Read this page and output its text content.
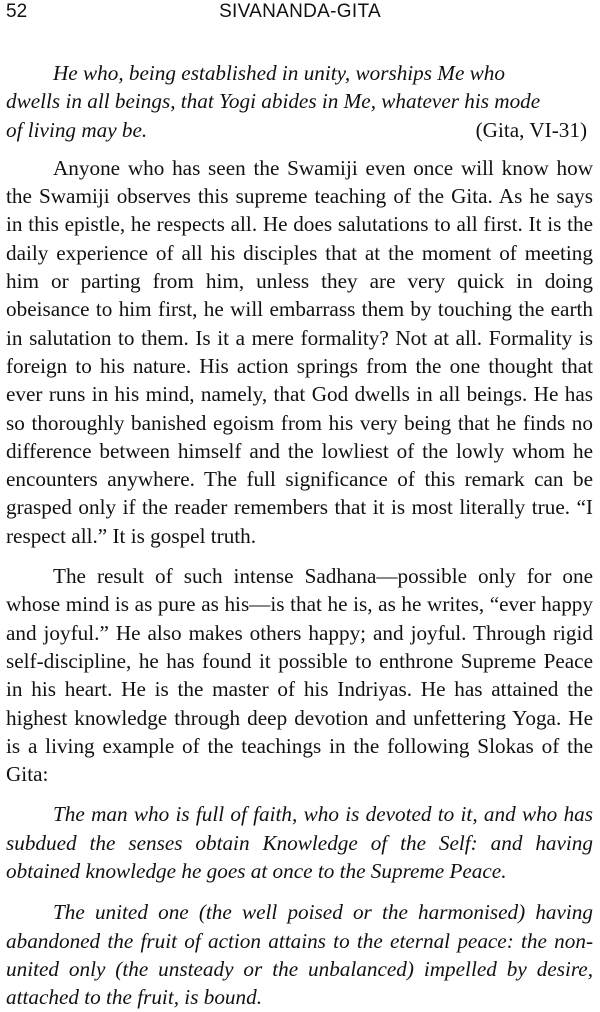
52	SIVANANDA-GITA
He who, being established in unity, worships Me who
dwells in all beings, that Yogi abides in Me, whatever his mode
of living may be.	(Gita, VI-31)

Anyone who has seen the Swamiji even once will know how the Swamiji observes this supreme teaching of the Gita. As he says in this epistle, he respects all. He does salutations to all first. It is the daily experience of all his disciples that at the moment of meeting him or parting from him, unless they are very quick in doing obeisance to him first, he will embarrass them by touching the earth in salutation to them. Is it a mere formality? Not at all. Formality is foreign to his nature. His action springs from the one thought that ever runs in his mind, namely, that God dwells in all beings. He has so thoroughly banished egoism from his very being that he finds no difference between himself and the lowliest of the lowly whom he encounters anywhere. The full significance of this remark can be grasped only if the reader remembers that it is most literally true. “I respect all.” It is gospel truth.

The result of such intense Sadhana—possible only for one whose mind is as pure as his—is that he is, as he writes, “ever happy and joyful.” He also makes others happy; and joyful. Through rigid self-discipline, he has found it possible to enthrone Supreme Peace in his heart. He is the master of his Indriyas. He has attained the highest knowledge through deep devotion and unfettering Yoga. He is a living example of the teachings in the following Slokas of the Gita:

The man who is full of faith, who is devoted to it, and who has subdued the senses obtain Knowledge of the Self: and having obtained knowledge he goes at once to the Supreme Peace.

The united one (the well poised or the harmonised) having abandoned the fruit of action attains to the eternal peace: the non-united only (the unsteady or the unbalanced) impelled by desire, attached to the fruit, is bound.
